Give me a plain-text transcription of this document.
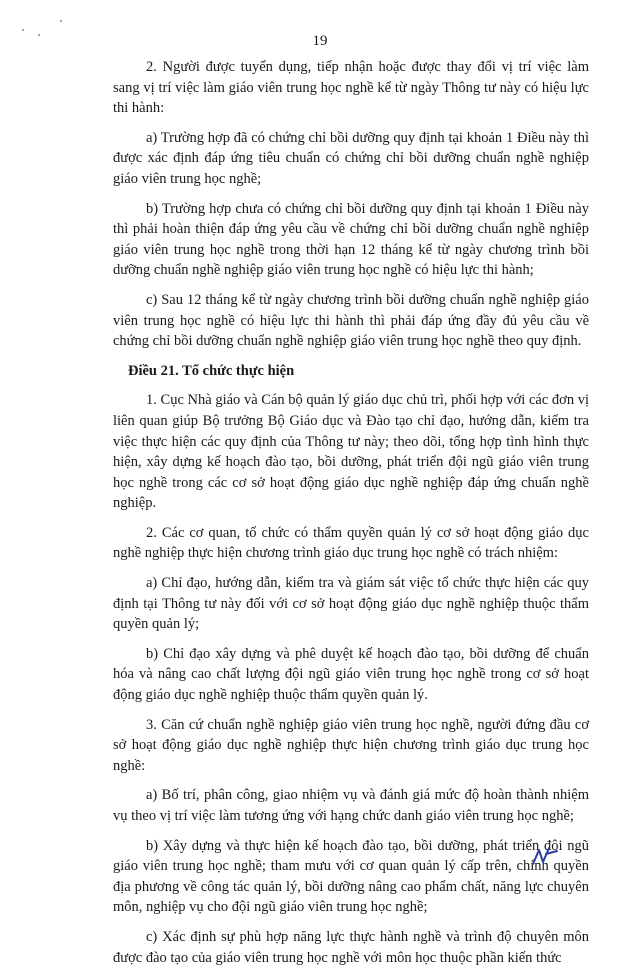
19

2. Người được tuyển dụng, tiếp nhận hoặc được thay đổi vị trí việc làm sang vị trí việc làm giáo viên trung học nghề kể từ ngày Thông tư này có hiệu lực thi hành:

a) Trường hợp đã có chứng chỉ bồi dưỡng quy định tại khoản 1 Điều này thì được xác định đáp ứng tiêu chuẩn có chứng chỉ bồi dưỡng chuẩn nghề nghiệp giáo viên trung học nghề;

b) Trường hợp chưa có chứng chỉ bồi dưỡng quy định tại khoản 1 Điều này thì phải hoàn thiện đáp ứng yêu cầu về chứng chỉ bồi dưỡng chuẩn nghề nghiệp giáo viên trung học nghề trong thời hạn 12 tháng kể từ ngày chương trình bồi dưỡng chuẩn nghề nghiệp giáo viên trung học nghề có hiệu lực thi hành;

c) Sau 12 tháng kể từ ngày chương trình bồi dưỡng chuẩn nghề nghiệp giáo viên trung học nghề có hiệu lực thi hành thì phải đáp ứng đầy đủ yêu cầu về chứng chỉ bồi dưỡng chuẩn nghề nghiệp giáo viên trung học nghề theo quy định.

Điều 21. Tổ chức thực hiện

1. Cục Nhà giáo và Cán bộ quản lý giáo dục chủ trì, phối hợp với các đơn vị liên quan giúp Bộ trưởng Bộ Giáo dục và Đào tạo chỉ đạo, hướng dẫn, kiểm tra việc thực hiện các quy định của Thông tư này; theo dõi, tổng hợp tình hình thực hiện, xây dựng kế hoạch đào tạo, bồi dưỡng, phát triển đội ngũ giáo viên trung học nghề trong các cơ sở hoạt động giáo dục nghề nghiệp đáp ứng chuẩn nghề nghiệp.

2. Các cơ quan, tổ chức có thẩm quyền quản lý cơ sở hoạt động giáo dục nghề nghiệp thực hiện chương trình giáo dục trung học nghề có trách nhiệm:

a) Chỉ đạo, hướng dẫn, kiểm tra và giám sát việc tổ chức thực hiện các quy định tại Thông tư này đối với cơ sở hoạt động giáo dục nghề nghiệp thuộc thẩm quyền quản lý;

b) Chỉ đạo xây dựng và phê duyệt kế hoạch đào tạo, bồi dưỡng để chuẩn hóa và nâng cao chất lượng đội ngũ giáo viên trung học nghề trong cơ sở hoạt động giáo dục nghề nghiệp thuộc thẩm quyền quản lý.

3. Căn cứ chuẩn nghề nghiệp giáo viên trung học nghề, người đứng đầu cơ sở hoạt động giáo dục nghề nghiệp thực hiện chương trình giáo dục trung học nghề:

a) Bố trí, phân công, giao nhiệm vụ và đánh giá mức độ hoàn thành nhiệm vụ theo vị trí việc làm tương ứng với hạng chức danh giáo viên trung học nghề;

b) Xây dựng và thực hiện kế hoạch đào tạo, bồi dưỡng, phát triển đội ngũ giáo viên trung học nghề; tham mưu với cơ quan quản lý cấp trên, chính quyền địa phương về công tác quản lý, bồi dưỡng nâng cao phẩm chất, năng lực chuyên môn, nghiệp vụ cho đội ngũ giáo viên trung học nghề;

c) Xác định sự phù hợp năng lực thực hành nghề và trình độ chuyên môn được đào tạo của giáo viên trung học nghề với môn học thuộc phần kiến thức
